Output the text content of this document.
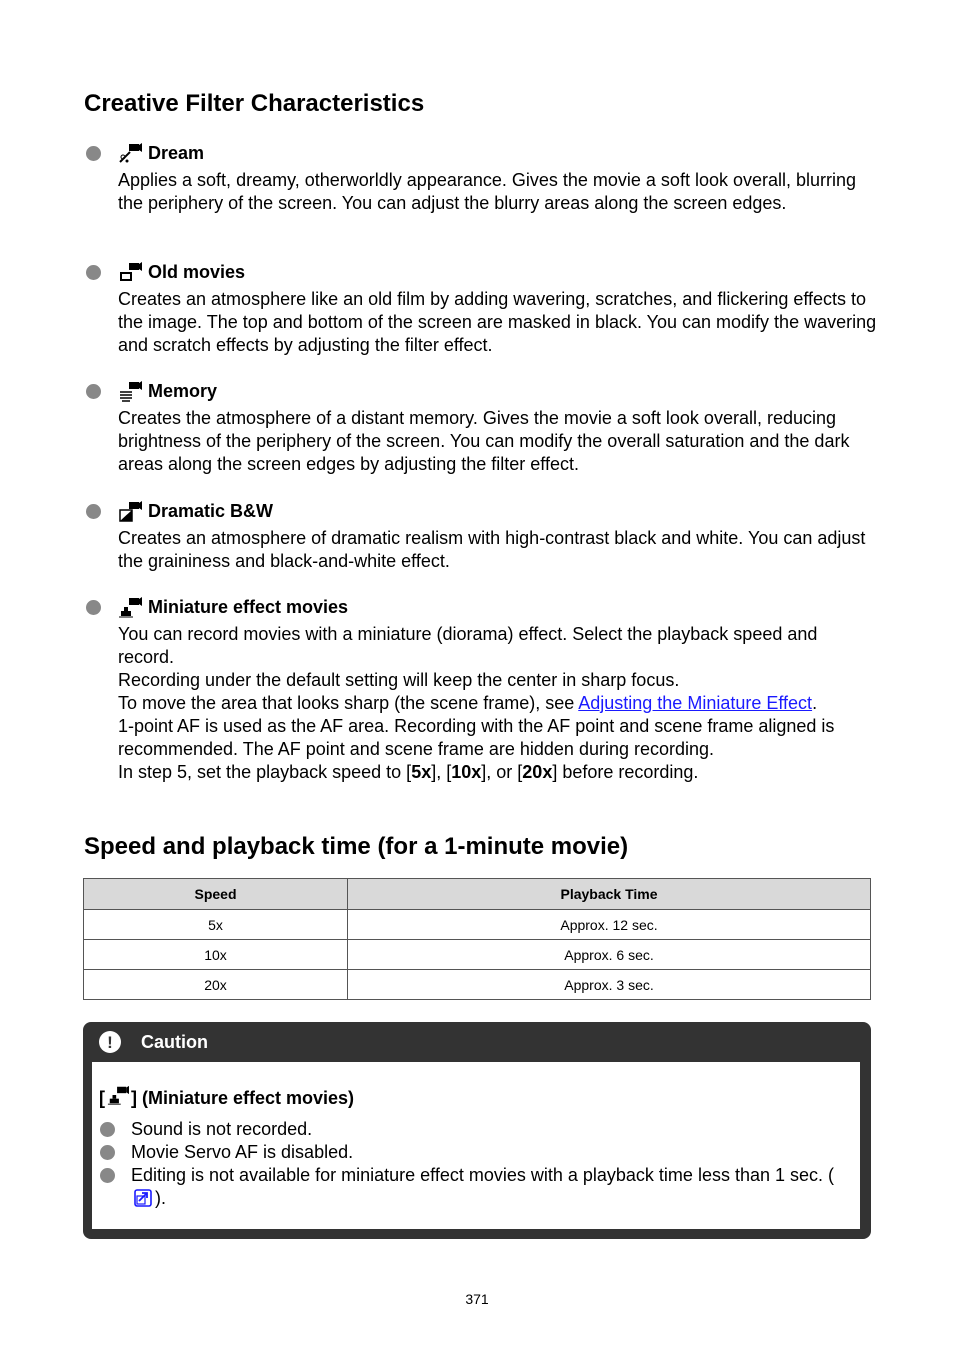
Creative Filter Characteristics
Dream

Applies a soft, dreamy, otherworldly appearance. Gives the movie a soft look overall, blurring the periphery of the screen. You can adjust the blurry areas along the screen edges.

Old movies

Creates an atmosphere like an old film by adding wavering, scratches, and flickering effects to the image. The top and bottom of the screen are masked in black. You can modify the wavering and scratch effects by adjusting the filter effect.

Memory

Creates the atmosphere of a distant memory. Gives the movie a soft look overall, reducing brightness of the periphery of the screen. You can modify the overall saturation and the dark areas along the screen edges by adjusting the filter effect.

Dramatic B&W

Creates an atmosphere of dramatic realism with high-contrast black and white. You can adjust the graininess and black-and-white effect.

Miniature effect movies

You can record movies with a miniature (diorama) effect. Select the playback speed and record.

Recording under the default setting will keep the center in sharp focus.

To move the area that looks sharp (the scene frame), see Adjusting the Miniature Effect.

1-point AF is used as the AF area. Recording with the AF point and scene frame aligned is recommended. The AF point and scene frame are hidden during recording.

In step 5, set the playback speed to [5x], [10x], or [20x] before recording.

Speed and playback time (for a 1-minute movie)
Speed	Playback Time
5x	Approx. 12 sec.
10x	Approx. 6 sec.
20x	Approx. 3 sec.
!	Caution
[ ] (Miniature effect movies)
Sound is not recorded.
Movie Servo AF is disabled.
Editing is not available for miniature effect movies with a playback time less than 1 sec. ().
371
